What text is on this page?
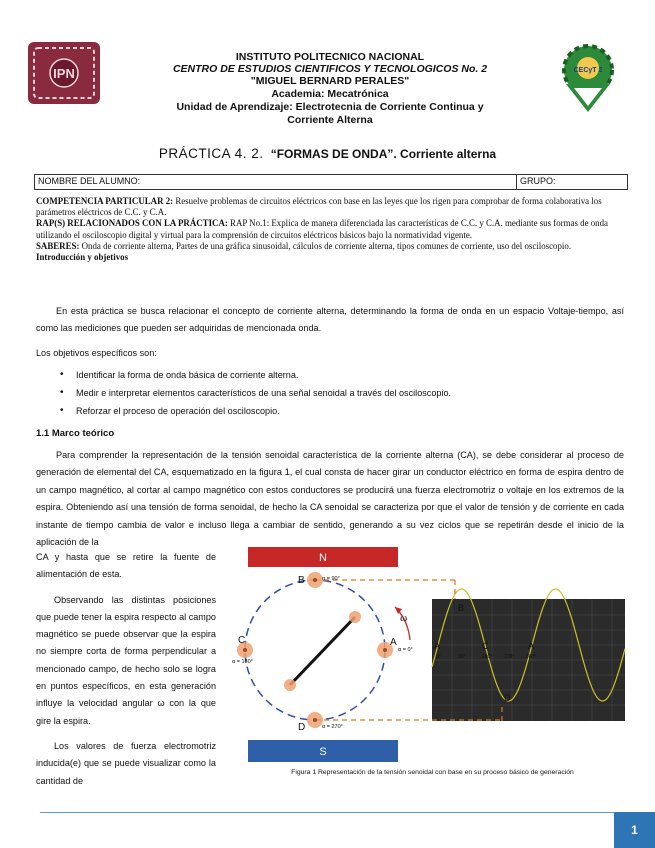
IPN	CECyT 2
INSTITUTO POLITECNICO NACIONAL
CENTRO DE ESTUDIOS CIENTIFICOS Y TECNOLOGICOS No. 2
"MIGUEL BERNARD PERALES"
Academia: Mecatrónica
Unidad de Aprendizaje: Electrotecnia de Corriente Continua y
Corriente Alterna
PRÁCTICA 4. 2. “FORMAS DE ONDA”. Corriente alterna
NOMBRE DEL ALUMNO:	GRUPO:
COMPETENCIA PARTICULAR 2: Resuelve problemas de circuitos eléctricos con base en las leyes que los rigen para comprobar de forma colaborativa los parámetros eléctricos de C.C. y C.A.
RAP(S) RELACIONADOS CON LA PRÁCTICA: RAP No.1: Explica de manera diferenciada las características de C.C. y C.A. mediante sus formas de onda utilizando el osciloscopio digital y virtual para la comprensión de circuitos eléctricos básicos bajo la normatividad vigente.
SABERES: Onda de corriente alterna, Partes de una gráfica sinusoidal, cálculos de corriente alterna, tipos comunes de corriente, uso del osciloscopio.
Introducción y objetivos
En esta práctica se busca relacionar el concepto de corriente alterna, determinando la forma de onda en un espacio Voltaje-tiempo, así como las mediciones que pueden ser adquiridas de mencionada onda.
Los objetivos específicos son:
• Identificar la forma de onda básica de corriente alterna.
• Medir e interpretar elementos característicos de una señal senoidal a través del osciloscopio.
• Reforzar el proceso de operación del osciloscopio.
1.1 Marco teórico
Para comprender la representación de la tensión senoidal característica de la corriente alterna (CA), se debe considerar al proceso de generación de elemental del CA, esquematizado en la figura 1, el cual consta de hacer girar un conductor eléctrico en forma de espira dentro de un campo magnético, al cortar al campo magnético con estos conductores se producirá una fuerza electromotriz o voltaje en los extremos de la espira. Obteniendo así una tensión de forma senoidal, de hecho la CA senoidal se caracteriza por que el valor de tensión y de corriente en cada instante de tiempo cambia de valor e incluso llega a cambiar de sentido, generando a su vez ciclos que se repetirán desde el inicio de la aplicación de la

CA y hasta que se retire la fuente de alimentación de esta.

Observando las distintas posiciones que puede tener la espira respecto al campo magnético se puede observar que la espira no siempre corta de forma perpendicular a mencionado campo, de hecho solo se logra en puntos específicos, en esta generación influye la velocidad angular ω con la que gire la espira.

Los valores de fuerza electromotriz inducida(e) que se puede visualizar como la cantidad de

N
S
ω
B
C	A
D
α = 90°
α = 180°
α = 0°
α = 270°
B
A	C	A
D
0°	90°	180° 270° 360°
Figura 1 Representación de la tensión senoidal con base en su proceso básico de generación
1
